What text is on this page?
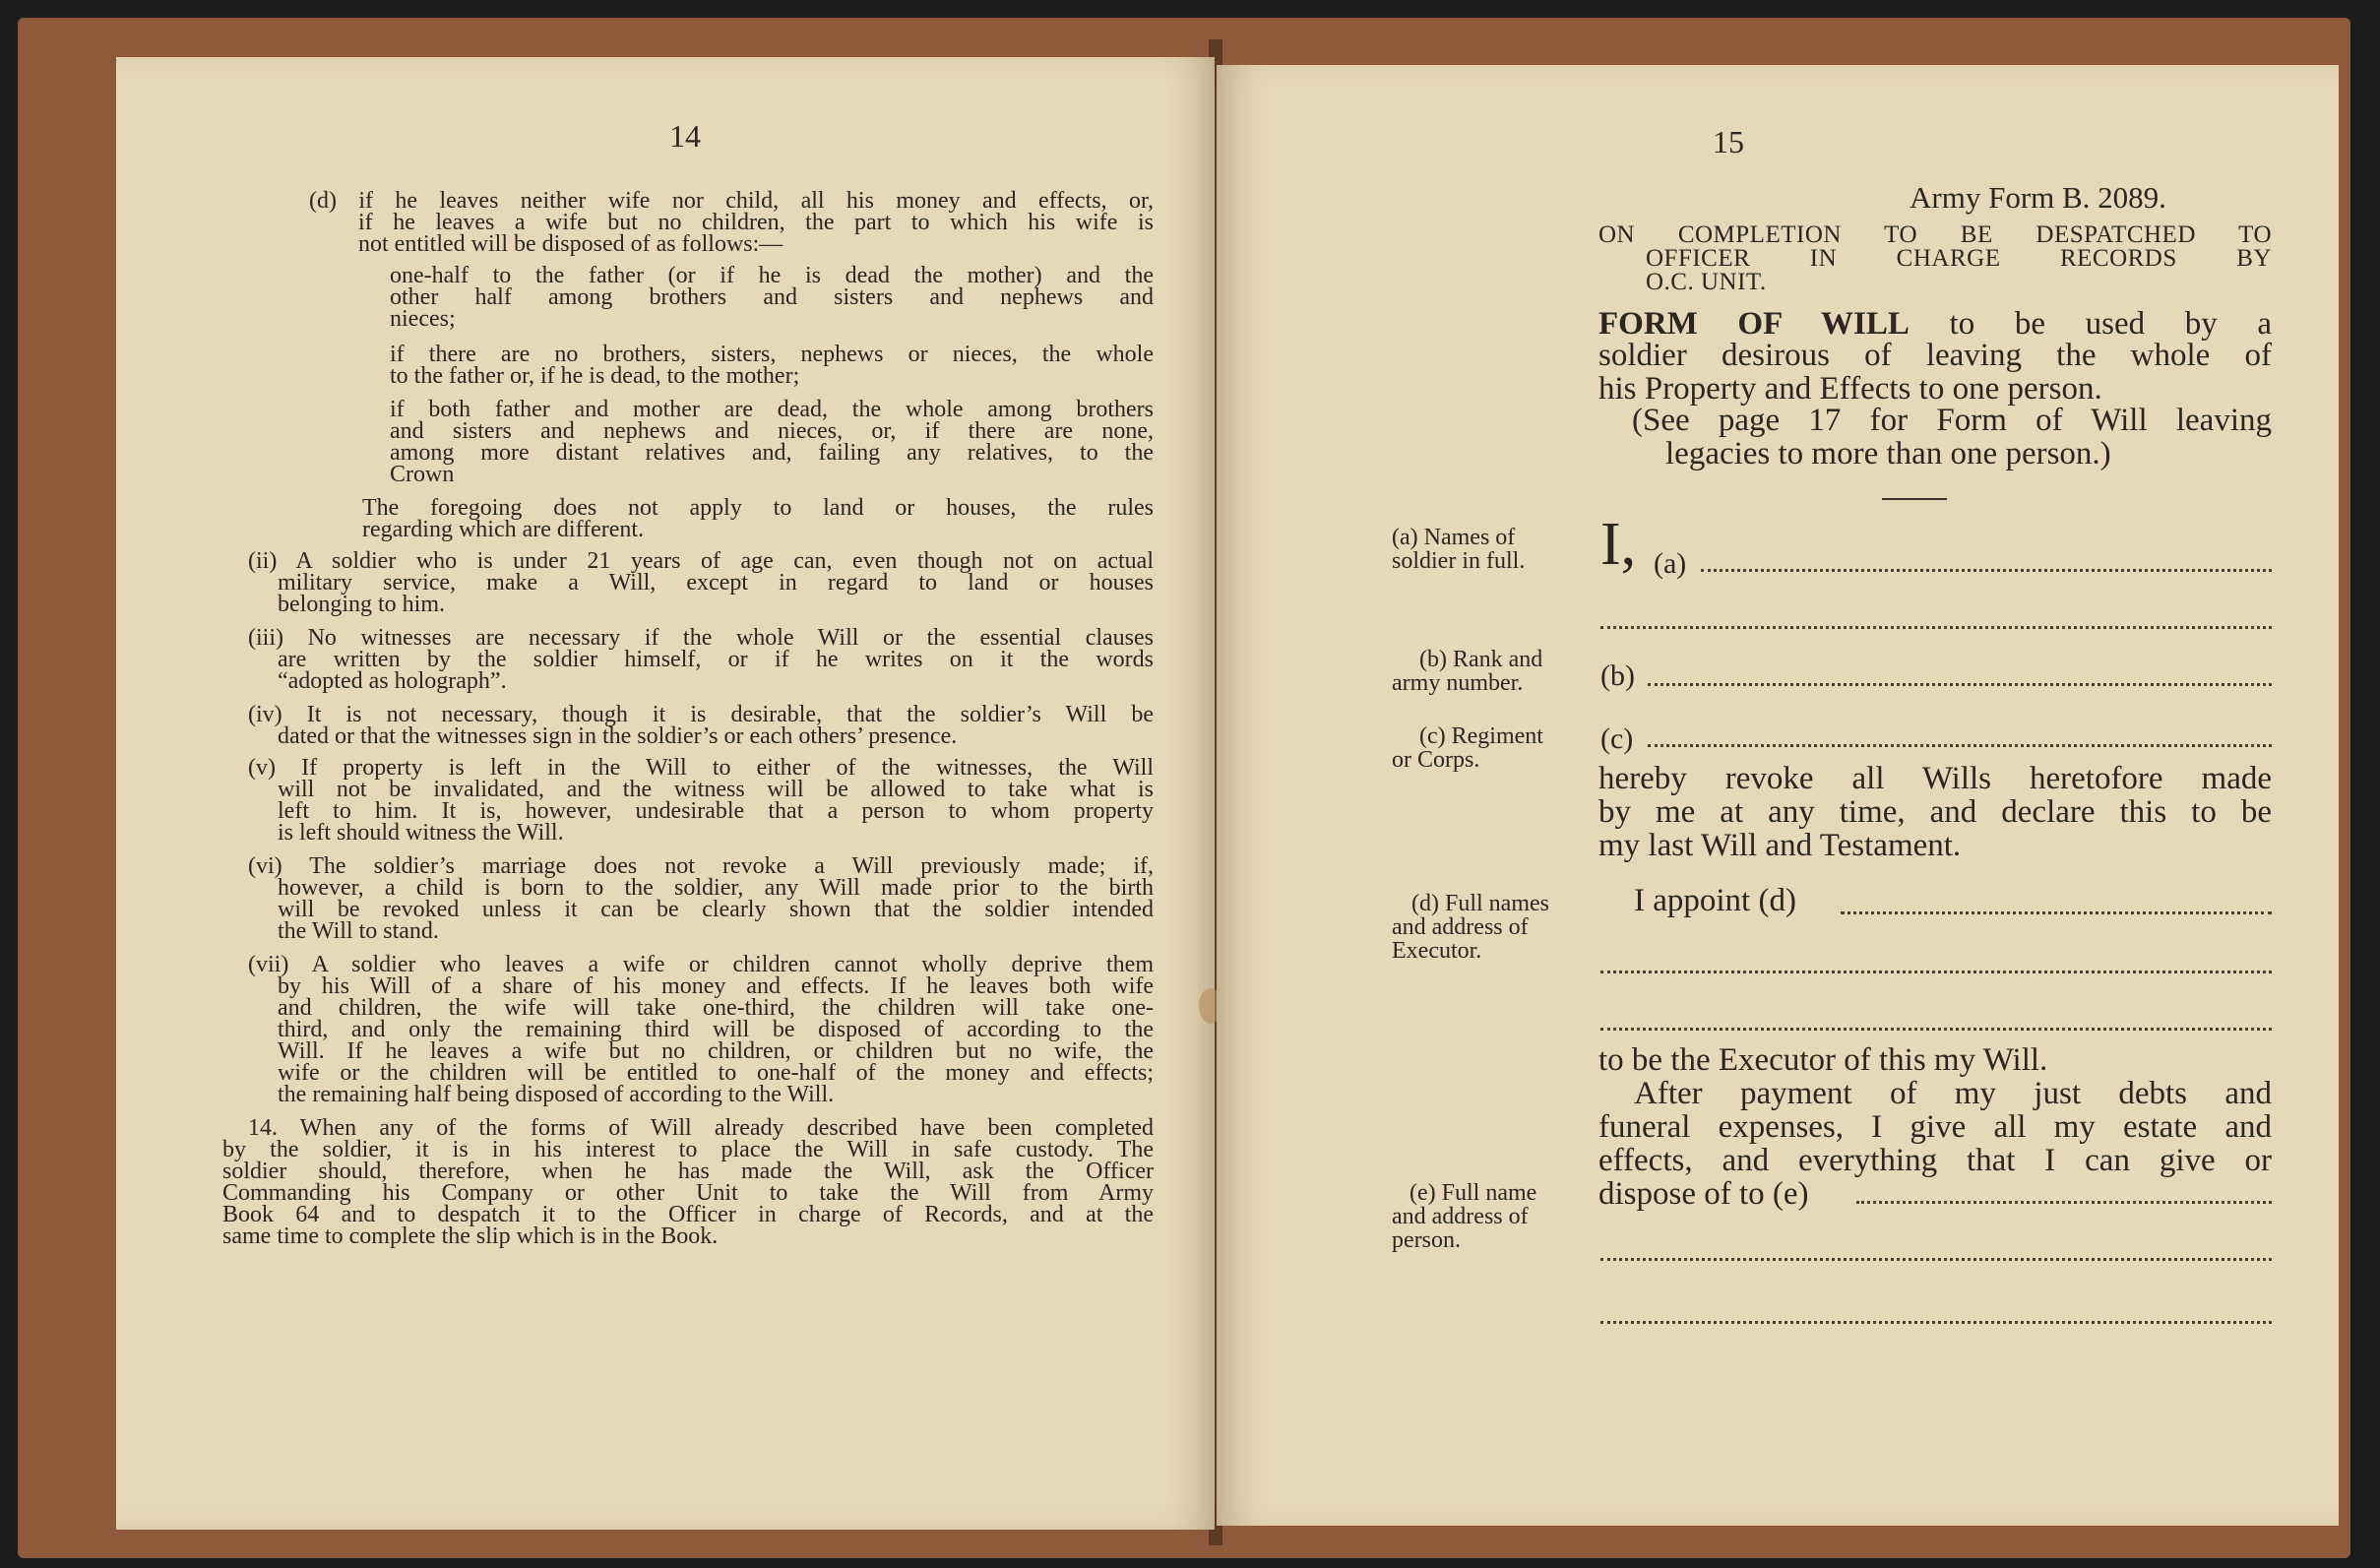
14
(d) if he leaves neither wife nor child, all his money and effects, or,
if he leaves a wife but no children, the part to which his wife is
not entitled will be disposed of as follows:—
one-half to the father (or if he is dead the mother) and the
other half among brothers and sisters and nephews and
nieces;
if there are no brothers, sisters, nephews or nieces, the whole
to the father or, if he is dead, to the mother;
if both father and mother are dead, the whole among brothers
and sisters and nephews and nieces, or, if there are none,
among more distant relatives and, failing any relatives, to the
Crown
The foregoing does not apply to land or houses, the rules
regarding which are different.
(ii) A soldier who is under 21 years of age can, even though not on actual
military service, make a Will, except in regard to land or houses
belonging to him.
(iii) No witnesses are necessary if the whole Will or the essential clauses
are written by the soldier himself, or if he writes on it the words
“adopted as holograph”.
(iv) It is not necessary, though it is desirable, that the soldier’s Will be
dated or that the witnesses sign in the soldier’s or each others’ presence.
(v) If property is left in the Will to either of the witnesses, the Will
will not be invalidated, and the witness will be allowed to take what is
left to him. It is, however, undesirable that a person to whom property
is left should witness the Will.
(vi) The soldier’s marriage does not revoke a Will previously made; if,
however, a child is born to the soldier, any Will made prior to the birth
will be revoked unless it can be clearly shown that the soldier intended
the Will to stand.
(vii) A soldier who leaves a wife or children cannot wholly deprive them
by his Will of a share of his money and effects. If he leaves both wife
and children, the wife will take one-third, the children will take one-
third, and only the remaining third will be disposed of according to the
Will. If he leaves a wife but no children, or children but no wife, the
wife or the children will be entitled to one-half of the money and effects;
the remaining half being disposed of according to the Will.
14. When any of the forms of Will already described have been completed
by the soldier, it is in his interest to place the Will in safe custody. The
soldier should, therefore, when he has made the Will, ask the Officer
Commanding his Company or other Unit to take the Will from Army
Book 64 and to despatch it to the Officer in charge of Records, and at the
same time to complete the slip which is in the Book.
15
Army Form B. 2089.
ON COMPLETION TO BE DESPATCHED TO
OFFICER IN CHARGE RECORDS BY
O.C. UNIT.
FORM OF WILL to be used by a
soldier desirous of leaving the whole of
his Property and Effects to one person.
(See page 17 for Form of Will leaving
legacies to more than one person.)
(a) Names of
soldier in full. I, (a)
(b) Rank and
army number.	(b)
(c) Regiment
or Corps.
(c)
hereby revoke all Wills heretofore made
by me at any time, and declare this to be
my last Will and Testament.
(d) Full names
and address of
Executor.
I appoint (d)
to be the Executor of this my Will.
After payment of my just debts and
funeral expenses, I give all my estate and
effects, and everything that I can give or
dispose of to (e)
(e) Full name
and address of
person.
